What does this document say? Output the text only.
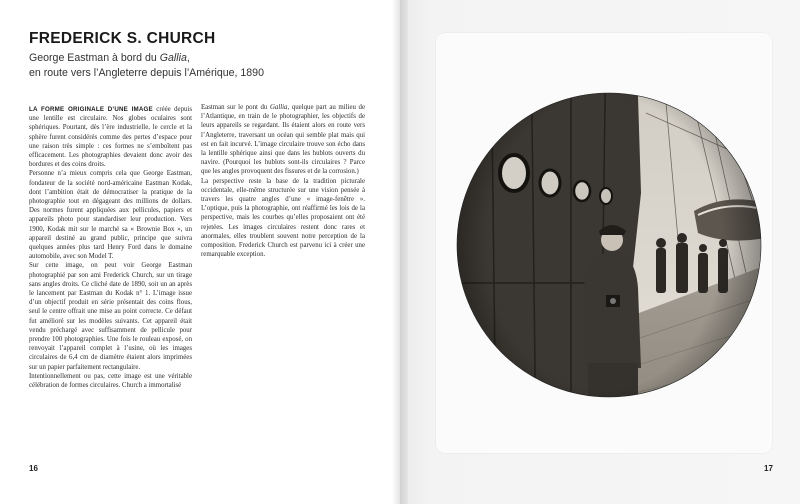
FREDERICK S. CHURCH
George Eastman à bord du Gallia,
en route vers l’Angleterre depuis l’Amérique, 1890

LA FORME ORIGINALE D’UNE IMAGE créée depuis une lentille est circulaire. Nos globes oculaires sont sphériques. Pourtant, dès l’ère industrielle, le cercle et la sphère furent considérés comme des pertes d’espace pour une raison très simple : ces formes ne s’emboîtent pas efficacement. Les photographies devaient donc avoir des bordures et des coins droits.

Personne n’a mieux compris cela que George Eastman, fondateur de la société nord-américaine Eastman Kodak, dont l’ambition était de démocratiser la pratique de la photographie tout en dégageant des millions de dollars. Des normes furent appliquées aux pellicules, papiers et appareils photo pour standardiser leur production. Vers 1900, Kodak mit sur le marché sa « Brownie Box », un appareil destiné au grand public, principe que suivra quelques années plus tard Henry Ford dans le domaine automobile, avec son Model T.

Sur cette image, on peut voir George Eastman photographié par son ami Frederick Church, sur un tirage sans angles droits. Ce cliché date de 1890, soit un an après le lancement par Eastman du Kodak n° 1. L’image issue d’un objectif produit en série présentait des coins flous, seul le centre offrait une mise au point correcte. Ce défaut fut amélioré sur les modèles suivants. Cet appareil était vendu préchargé avec suffisamment de pellicule pour prendre 100 photographies. Une fois le rouleau exposé, on renvoyait l’appareil complet à l’usine, où les images circulaires de 6,4 cm de diamètre étaient alors imprimées sur un papier parfaitement rectangulaire.

Intentionnellement ou pas, cette image est une véritable célébration de formes circulaires. Church a immortalisé

Eastman sur le pont du Gallia, quelque part au milieu de l’Atlantique, en train de le photographier, les objectifs de leurs appareils se regardant. Ils étaient alors en route vers l’Angleterre, traversant un océan qui semble plat mais qui est en fait incurvé. L’image circulaire trouve son écho dans la lentille sphérique ainsi que dans les hublots ouverts du navire. (Pourquoi les hublots sont-ils circulaires ? Parce que les angles provoquent des fissures et de la corrosion.)

La perspective reste la base de la tradition picturale occidentale, elle-même structurée sur une vision pensée à travers les quatre angles d’une « image-fenêtre ». L’optique, puis la photographie, ont réaffirmé les lois de la perspective, mais les courbes qu’elles proposaient ont été rejetées. Les images circulaires restent donc rares et anormales, elles troublent souvent notre perception de la composition. Frederick Church est parvenu ici à créer une remarquable exception.

16	17
